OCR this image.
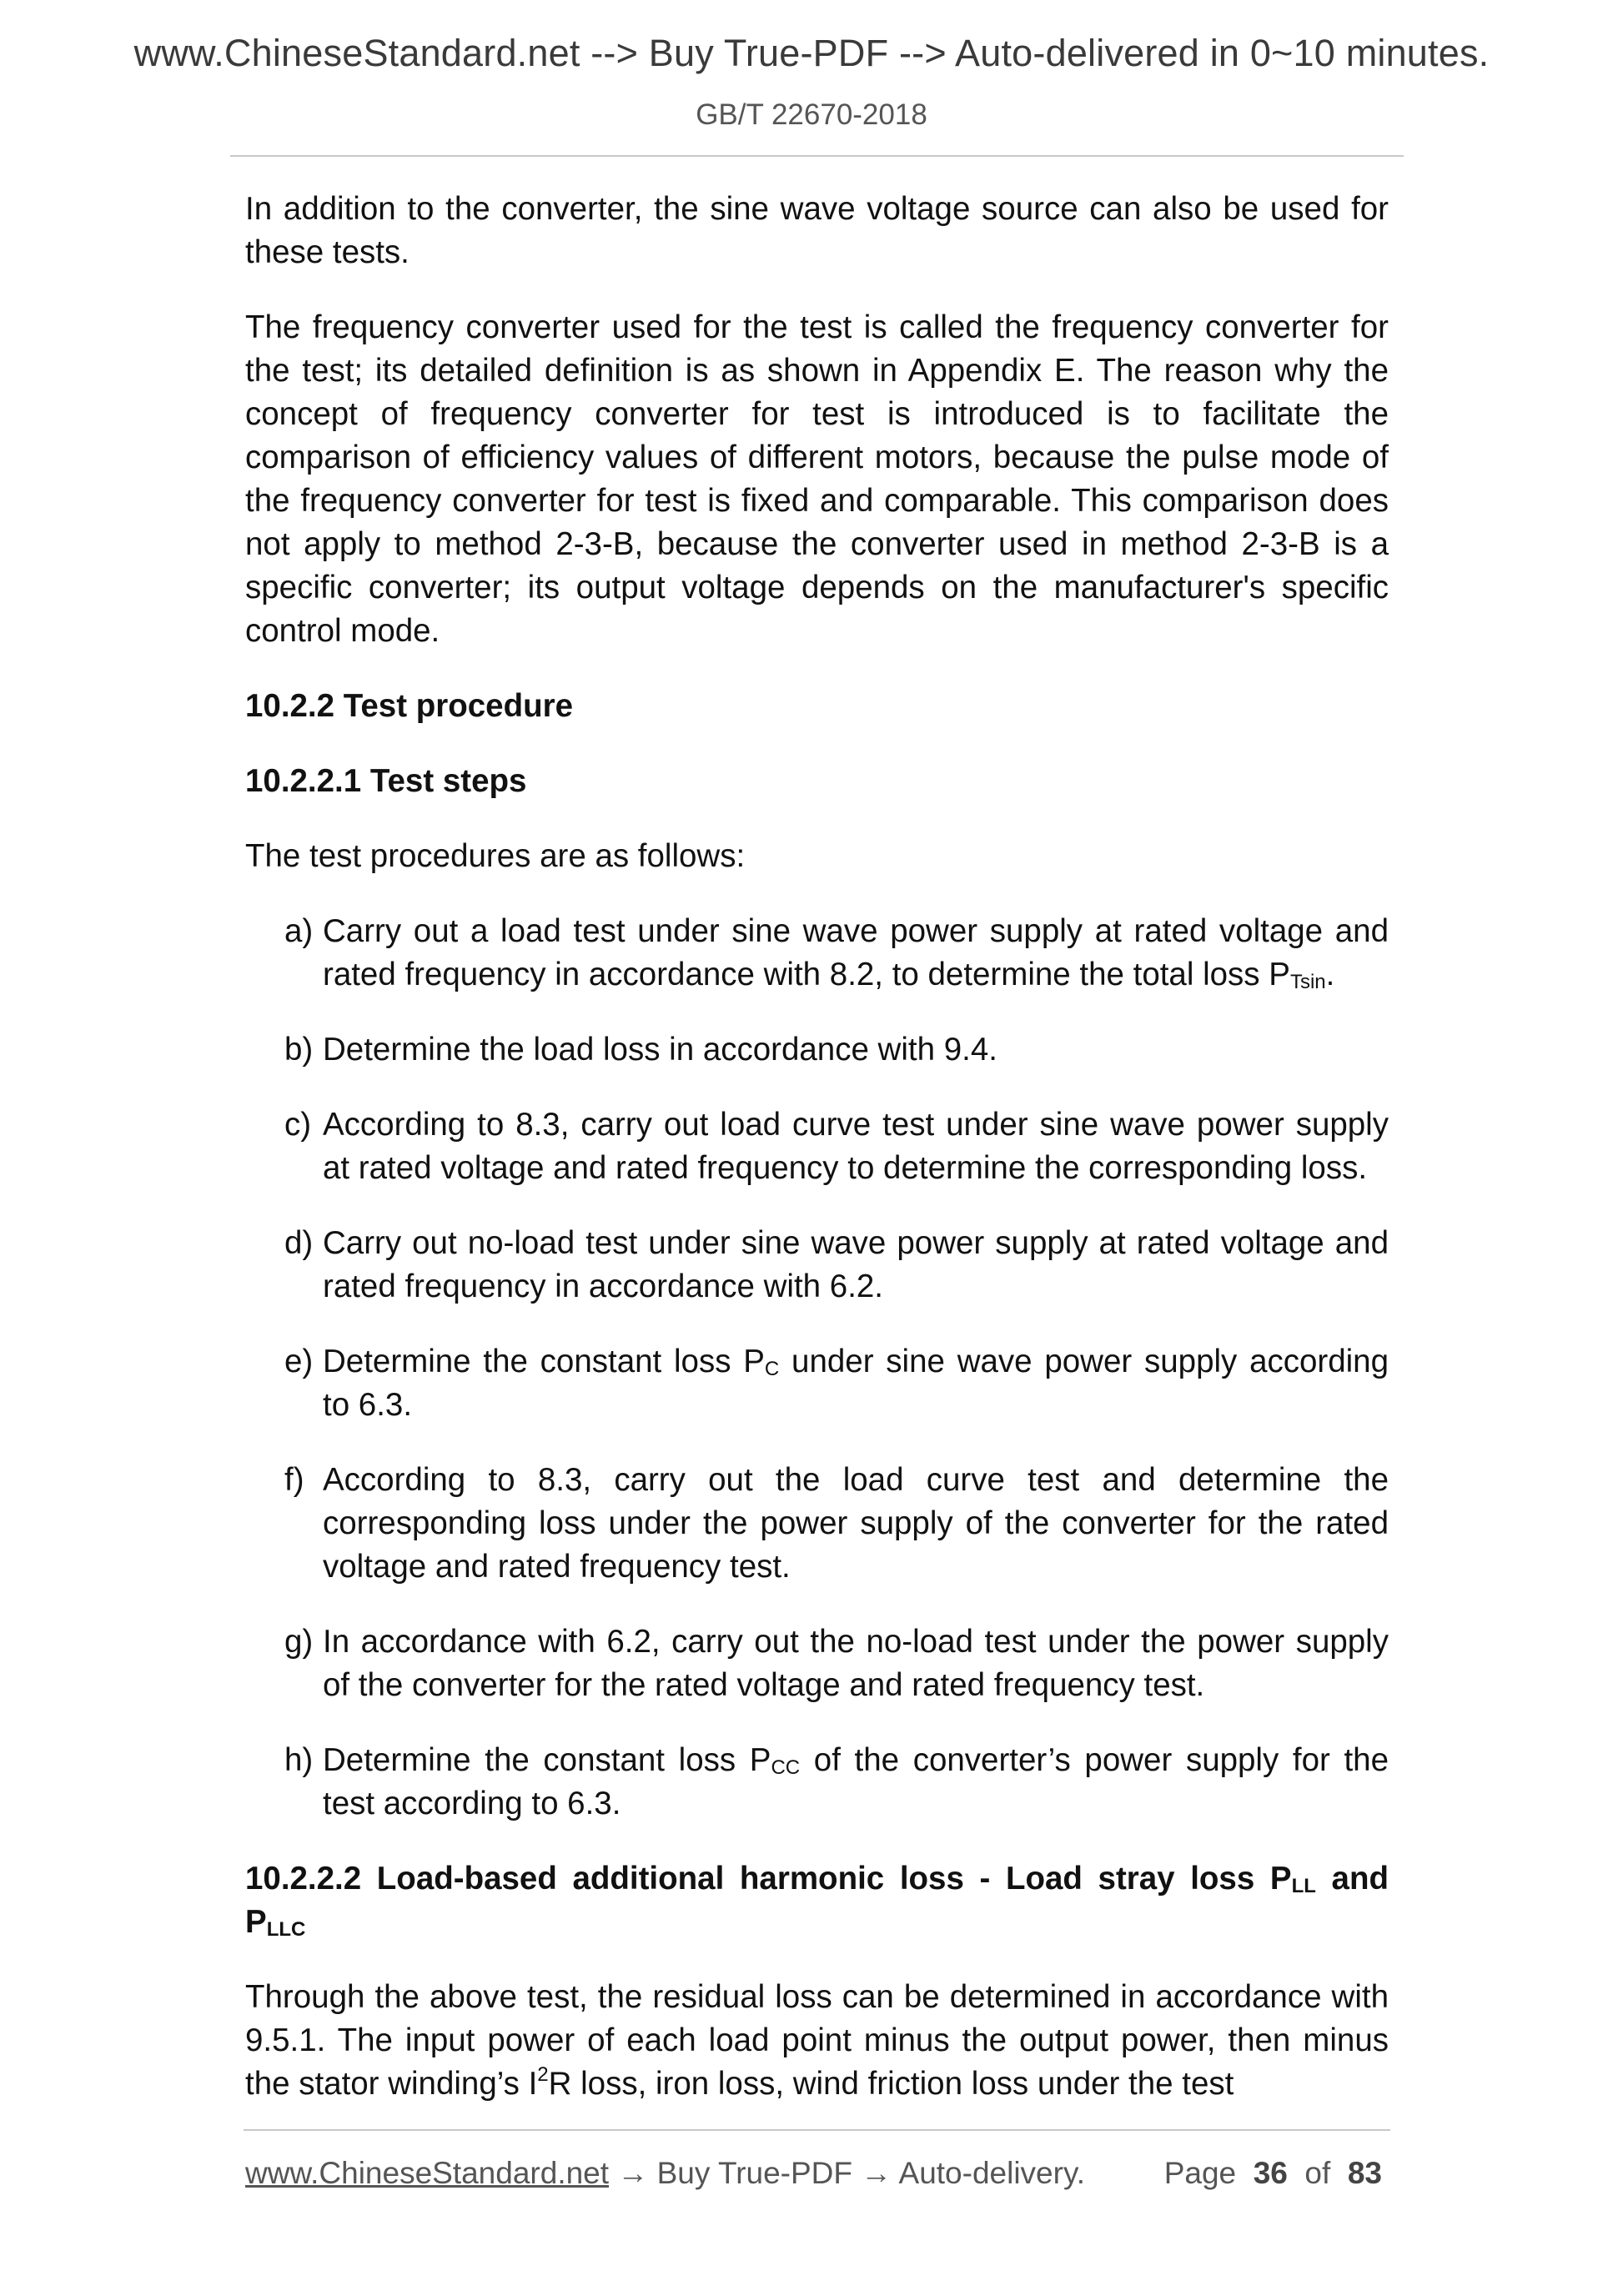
www.ChineseStandard.net --> Buy True-PDF --> Auto-delivered in 0~10 minutes.
GB/T 22670-2018

In addition to the converter, the sine wave voltage source can also be used for these tests.

The frequency converter used for the test is called the frequency converter for the test; its detailed definition is as shown in Appendix E. The reason why the concept of frequency converter for test is introduced is to facilitate the comparison of efficiency values of different motors, because the pulse mode of the frequency converter for test is fixed and comparable. This comparison does not apply to method 2-3-B, because the converter used in method 2-3-B is a specific converter; its output voltage depends on the manufacturer's specific control mode.

10.2.2 Test procedure
10.2.2.1 Test steps

The test procedures are as follows:

a) Carry out a load test under sine wave power supply at rated voltage and rated frequency in accordance with 8.2, to determine the total loss $P_{Tsin}$.
b) Determine the load loss in accordance with 9.4.
c) According to 8.3, carry out load curve test under sine wave power supply at rated voltage and rated frequency to determine the corresponding loss.
d) Carry out no-load test under sine wave power supply at rated voltage and rated frequency in accordance with 6.2.
e) Determine the constant loss $P_C$ under sine wave power supply according to 6.3.
f) According to 8.3, carry out the load curve test and determine the corresponding loss under the power supply of the converter for the rated voltage and rated frequency test.
g) In accordance with 6.2, carry out the no-load test under the power supply of the converter for the rated voltage and rated frequency test.
h) Determine the constant loss $P_{CC}$ of the converter’s power supply for the test according to 6.3.
10.2.2.2 Load-based additional harmonic loss - Load stray loss $P_{LL}$ and $P_{LLC}$

Through the above test, the residual loss can be determined in accordance with 9.5.1. The input power of each load point minus the output power, then minus the stator winding’s $I^2R$ loss, iron loss, wind friction loss under the test

www.ChineseStandard.net → Buy True-PDF → Auto-delivery.	Page 36 of 83
